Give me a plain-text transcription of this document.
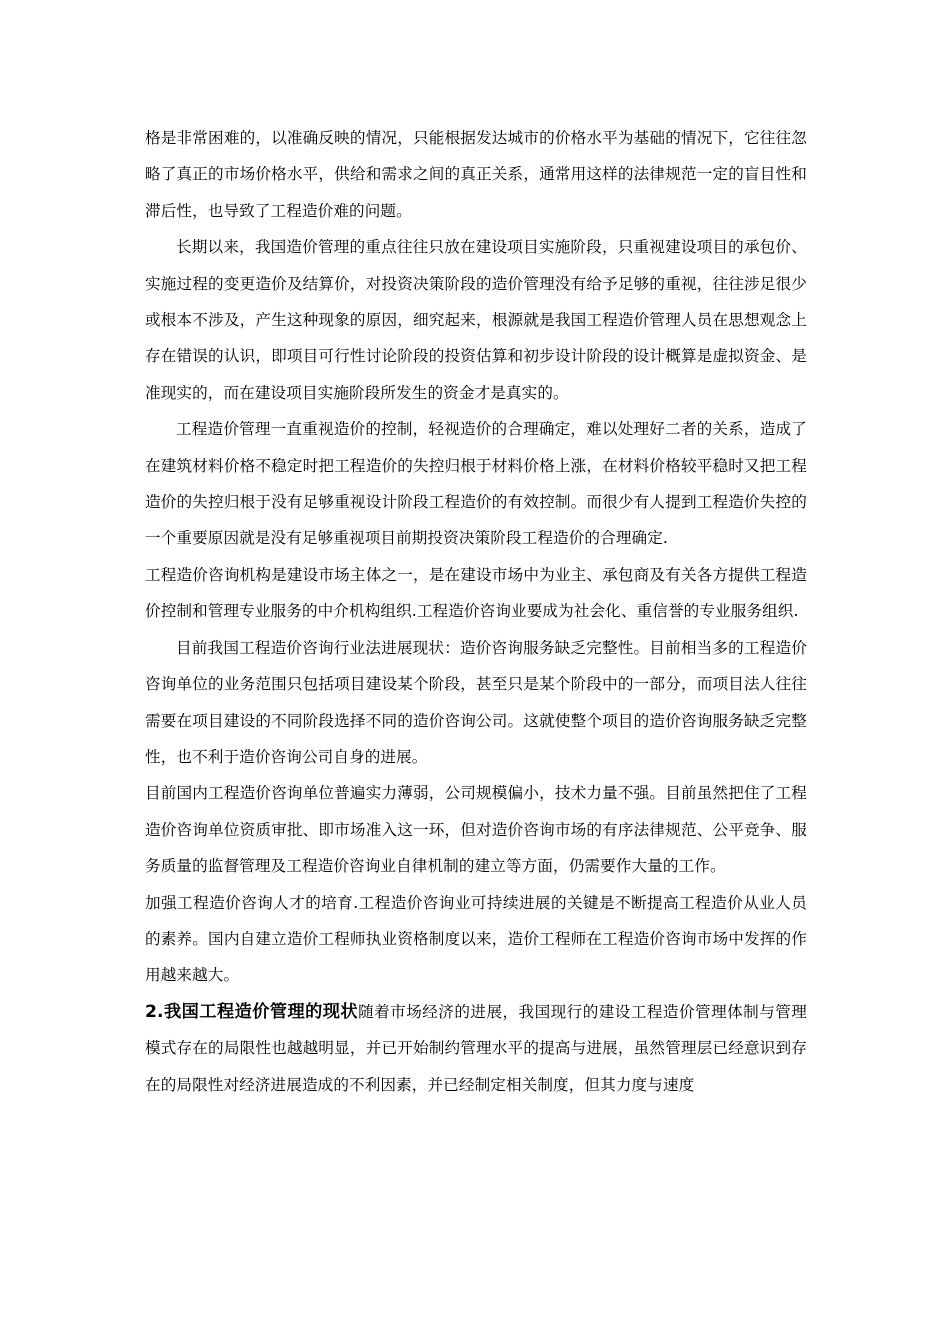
格是非常困难的，以准确反映的情况，只能根据发达城市的价格水平为基础的情况下，它往往忽略了真正的市场价格水平，供给和需求之间的真正关系，通常用这样的法律规范一定的盲目性和滞后性，也导致了工程造价难的问题。

长期以来，我国造价管理的重点往往只放在建设项目实施阶段，只重视建设项目的承包价、实施过程的变更造价及结算价，对投资决策阶段的造价管理没有给予足够的重视，往往涉足很少或根本不涉及，产生这种现象的原因，细究起来，根源就是我国工程造价管理人员在思想观念上存在错误的认识，即项目可行性讨论阶段的投资估算和初步设计阶段的设计概算是虚拟资金、是准现实的，而在建设项目实施阶段所发生的资金才是真实的。

工程造价管理一直重视造价的控制，轻视造价的合理确定，难以处理好二者的关系，造成了在建筑材料价格不稳定时把工程造价的失控归根于材料价格上涨，在材料价格较平稳时又把工程造价的失控归根于没有足够重视设计阶段工程造价的有效控制。而很少有人提到工程造价失控的一个重要原因就是没有足够重视项目前期投资决策阶段工程造价的合理确定.

工程造价咨询机构是建设市场主体之一，是在建设市场中为业主、承包商及有关各方提供工程造价控制和管理专业服务的中介机构组织.工程造价咨询业要成为社会化、重信誉的专业服务组织.

目前我国工程造价咨询行业法进展现状：造价咨询服务缺乏完整性。目前相当多的工程造价咨询单位的业务范围只包括项目建设某个阶段，甚至只是某个阶段中的一部分，而项目法人往往需要在项目建设的不同阶段选择不同的造价咨询公司。这就使整个项目的造价咨询服务缺乏完整性，也不利于造价咨询公司自身的进展。

目前国内工程造价咨询单位普遍实力薄弱，公司规模偏小，技术力量不强。目前虽然把住了工程造价咨询单位资质审批、即市场准入这一环，但对造价咨询市场的有序法律规范、公平竞争、服务质量的监督管理及工程造价咨询业自律机制的建立等方面，仍需要作大量的工作。

加强工程造价咨询人才的培育.工程造价咨询业可持续进展的关键是不断提高工程造价从业人员的素养。国内自建立造价工程师执业资格制度以来，造价工程师在工程造价咨询市场中发挥的作用越来越大。

2.我国工程造价管理的现状随着市场经济的进展，我国现行的建设工程造价管理体制与管理模式存在的局限性也越越明显，并已开始制约管理水平的提高与进展，虽然管理层已经意识到存在的局限性对经济进展造成的不利因素，并已经制定相关制度，但其力度与速度
